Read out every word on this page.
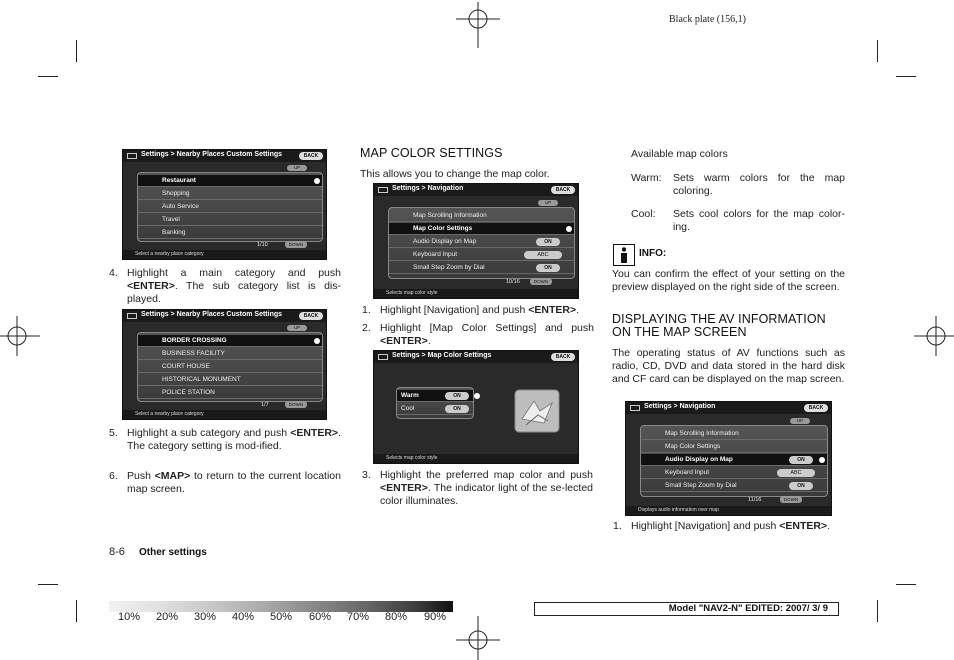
Black plate (156,1)
Settings > Nearby Places Custom Settings	BACK
UP
Restaurant
Shopping
Auto Service
Travel
Banking
1/10	DOWN
Select a nearby place category
4. Highlight a main category and push <ENTER>. The sub category list is dis-played.
Settings > Nearby Places Custom Settings	BACK
UP
BORDER CROSSING
BUSINESS FACILITY
COURT HOUSE
HISTORICAL MONUMENT
POLICE STATION
1/7	DOWN
Select a nearby place category
5. Highlight a sub category and push <ENTER>. The category setting is mod-ified.
6. Push <MAP> to return to the current location map screen.
8-6 Other settings
MAP COLOR SETTINGS
This allows you to change the map color.
Settings > Navigation	BACK
UP
Map Scrolling Information
Map Color Settings
Audio Display on Map	ON
Keyboard Input	ABC
Small Step Zoom by Dial	ON
10/16	DOWN
Selects map color style
1. Highlight [Navigation] and push <ENTER>.
2. Highlight [Map Color Settings] and push <ENTER>.
Settings > Map Color Settings	BACK
Warm	ON
Cool	ON
Selects map color style
3. Highlight the preferred map color and push <ENTER>. The indicator light of the se-lected color illuminates.
Available map colors
Warm: Sets warm colors for the map coloring.
Cool: Sets cool colors for the map color-ing.
INFO:
You can confirm the effect of your setting on the preview displayed on the right side of the screen.
DISPLAYING THE AV INFORMATION
ON THE MAP SCREEN
The operating status of AV functions such as radio, CD, DVD and data stored in the hard disk and CF card can be displayed on the map screen.
Settings > Navigation	BACK
UP
Map Scrolling Information
Map Color Settings
Audio Display on Map	ON
Keyboard Input	ABC
Small Step Zoom by Dial	ON
11/16	DOWN
Displays audio information over map
1. Highlight [Navigation] and push <ENTER>.
10% 20% 30% 40% 50% 60% 70% 80% 90%
Model "NAV2-N" EDITED: 2007/ 3/ 9
